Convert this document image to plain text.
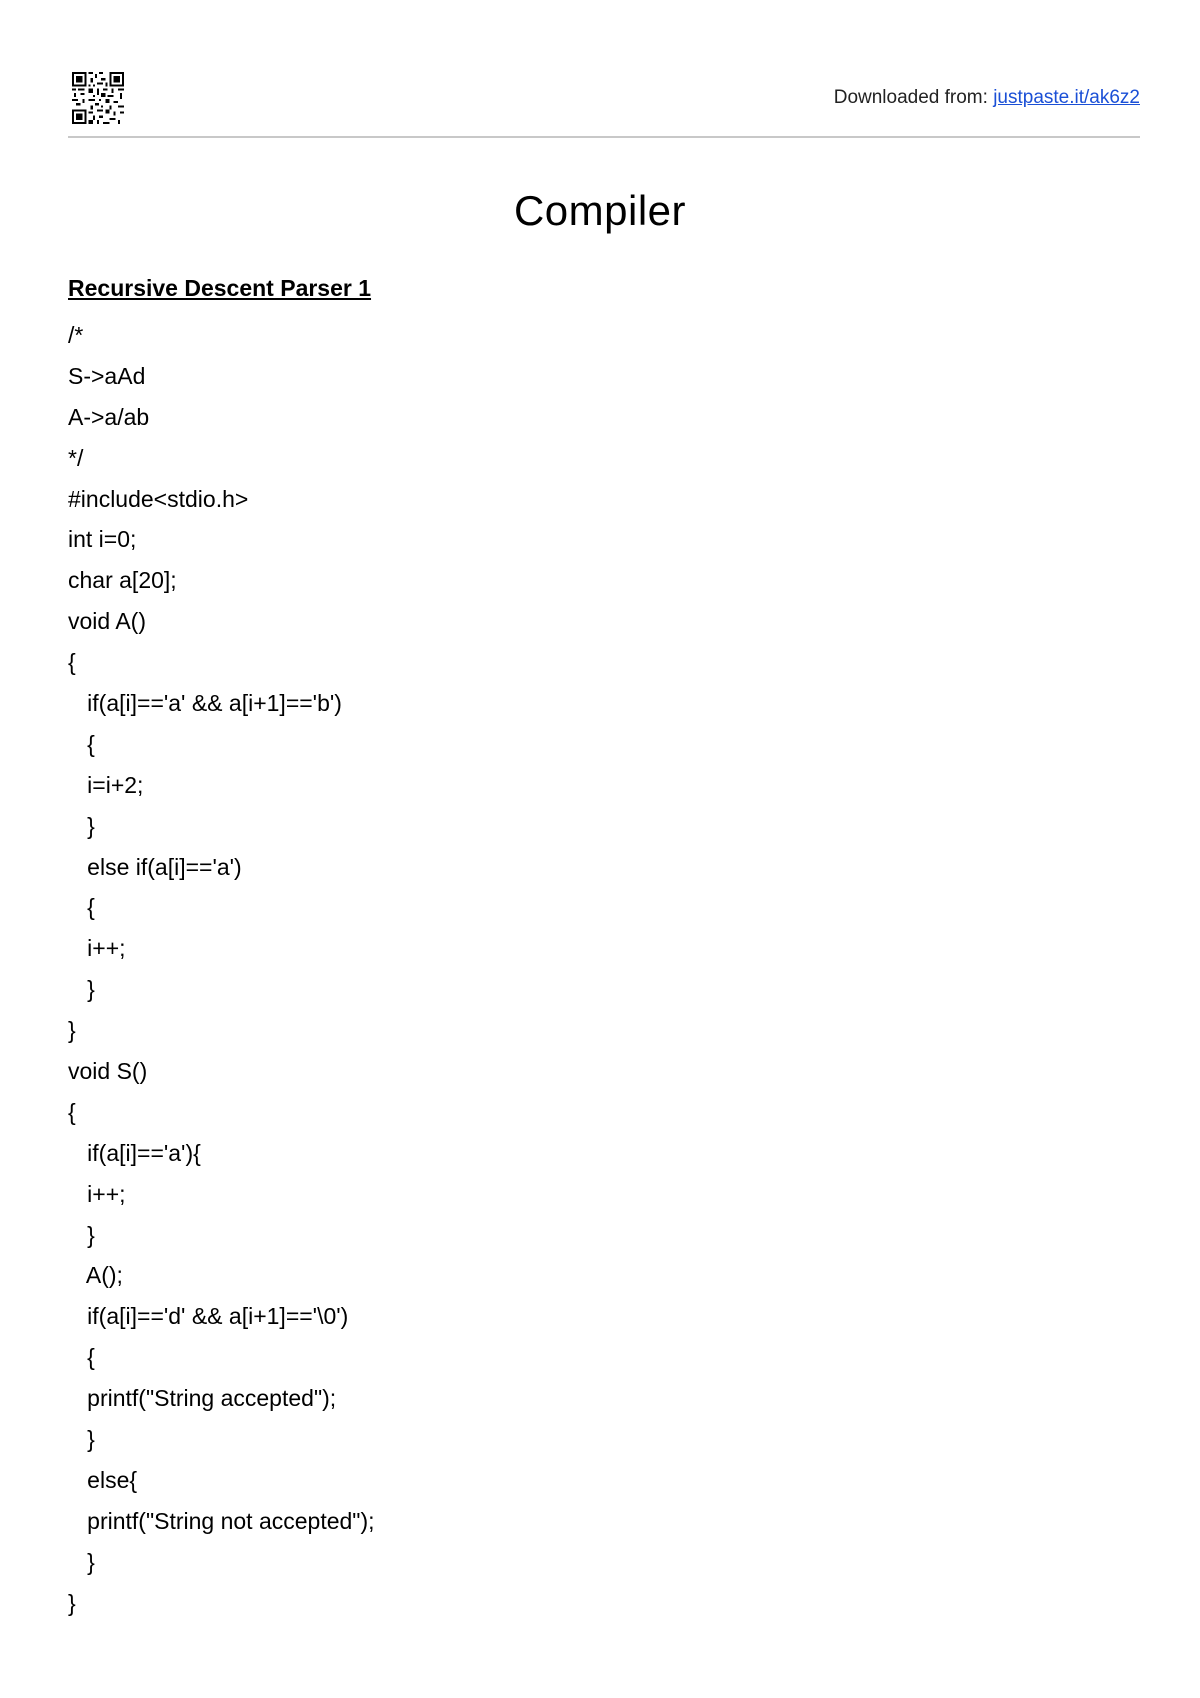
Downloaded from: justpaste.it/ak6z2
Compiler
Recursive Descent Parser 1
/*
S->aAd
A->a/ab
*/
#include<stdio.h>
int i=0;
char a[20];
void A()
{
if(a[i]=='a' && a[i+1]=='b')
{
i=i+2;
}
else if(a[i]=='a')
{
i++;
}
}
void S()
{
if(a[i]=='a'){
i++;
}
A();
if(a[i]=='d' && a[i+1]=='\0')
{
printf("String accepted");
}
else{
printf("String not accepted");
}
}
